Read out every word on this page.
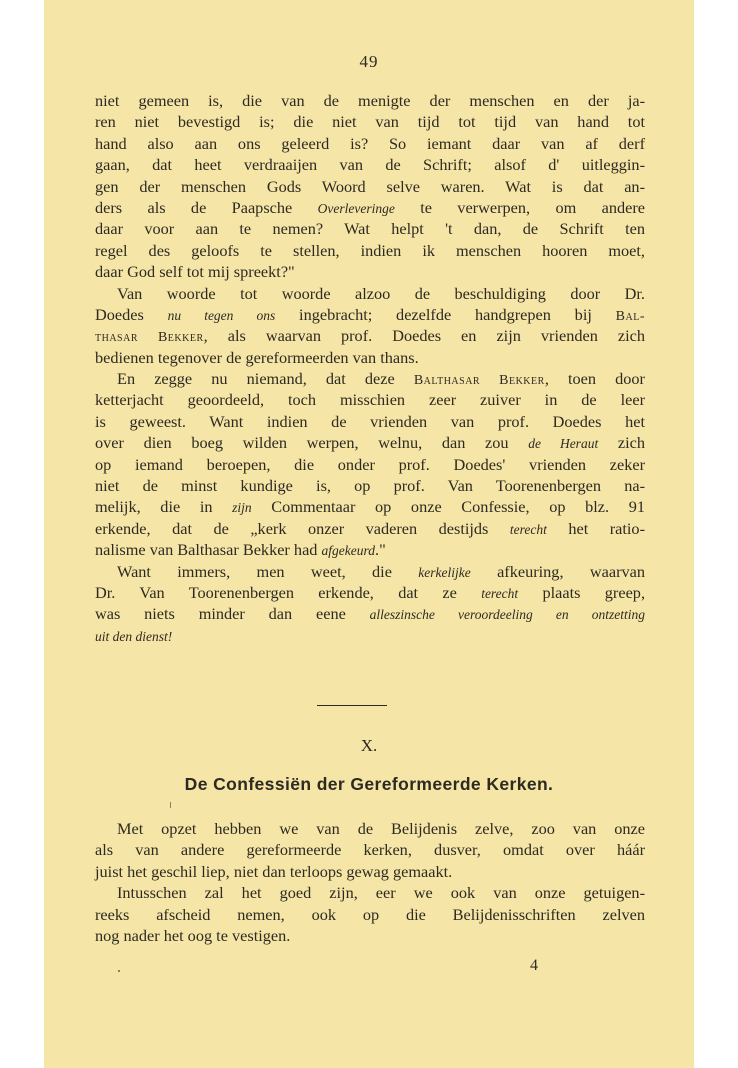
49
niet gemeen is, die van de menigte der menschen en der ja-
ren niet bevestigd is; die niet van tijd tot tijd van hand tot
hand also aan ons geleerd is? So iemant daar van af derf
gaan, dat heet verdraaijen van de Schrift; alsof d' uitleggin-
gen der menschen Gods Woord selve waren. Wat is dat an-
ders als de Paapsche Overleveringe te verwerpen, om andere
daar voor aan te nemen? Wat helpt 't dan, de Schrift ten
regel des geloofs te stellen, indien ik menschen hooren moet,
daar God self tot mij spreekt?"
Van woorde tot woorde alzoo de beschuldiging door Dr.
Doedes nu tegen ons ingebracht; dezelfde handgrepen bij Bal-
thasar Bekker, als waarvan prof. Doedes en zijn vrienden zich
bedienen tegenover de gereformeerden van thans.
En zegge nu niemand, dat deze Balthasar Bekker, toen door
ketterjacht geoordeeld, toch misschien zeer zuiver in de leer
is geweest. Want indien de vrienden van prof. Doedes het
over dien boeg wilden werpen, welnu, dan zou de Heraut zich
op iemand beroepen, die onder prof. Doedes' vrienden zeker
niet de minst kundige is, op prof. Van Toorenenbergen na-
melijk, die in zijn Commentaar op onze Confessie, op blz. 91
erkende, dat de „kerk onzer vaderen destijds terecht het ratio-
nalisme van Balthasar Bekker had afgekeurd."
Want immers, men weet, die kerkelijke afkeuring, waarvan
Dr. Van Toorenenbergen erkende, dat ze terecht plaats greep,
was niets minder dan eene alleszinsche veroordeeling en ontzetting
uit den dienst!
X.
De Confessiën der Gereformeerde Kerken.
Met opzet hebben we van de Belijdenis zelve, zoo van onze
als van andere gereformeerde kerken, dusver, omdat over háár
juist het geschil liep, niet dan terloops gewag gemaakt.
Intusschen zal het goed zijn, eer we ook van onze getuigen-
reeks afscheid nemen, ook op die Belijdenisschriften zelven
nog nader het oog te vestigen.
4
